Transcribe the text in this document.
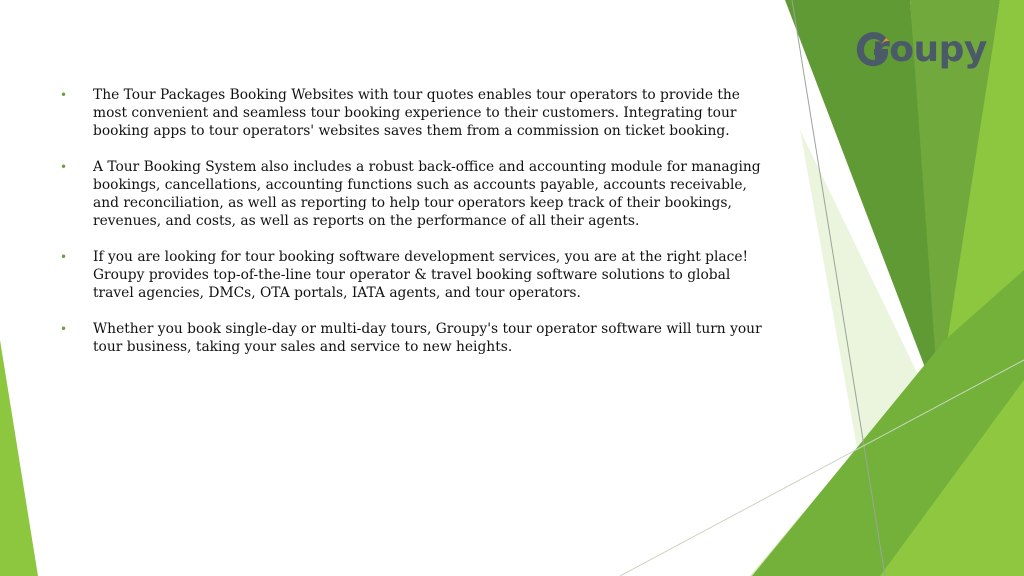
roupy
• The Tour Packages Booking Websites with tour quotes enables tour operators to provide the most convenient and seamless tour booking experience to their customers. Integrating tour booking apps to tour operators' websites saves them from a commission on ticket booking.
• A Tour Booking System also includes a robust back-office and accounting module for managing bookings, cancellations, accounting functions such as accounts payable, accounts receivable, and reconciliation, as well as reporting to help tour operators keep track of their bookings, revenues, and costs, as well as reports on the performance of all their agents.
• If you are looking for tour booking software development services, you are at the right place! Groupy provides top-of-the-line tour operator & travel booking software solutions to global travel agencies, DMCs, OTA portals, IATA agents, and tour operators.
• Whether you book single-day or multi-day tours, Groupy's tour operator software will turn your tour business, taking your sales and service to new heights.
